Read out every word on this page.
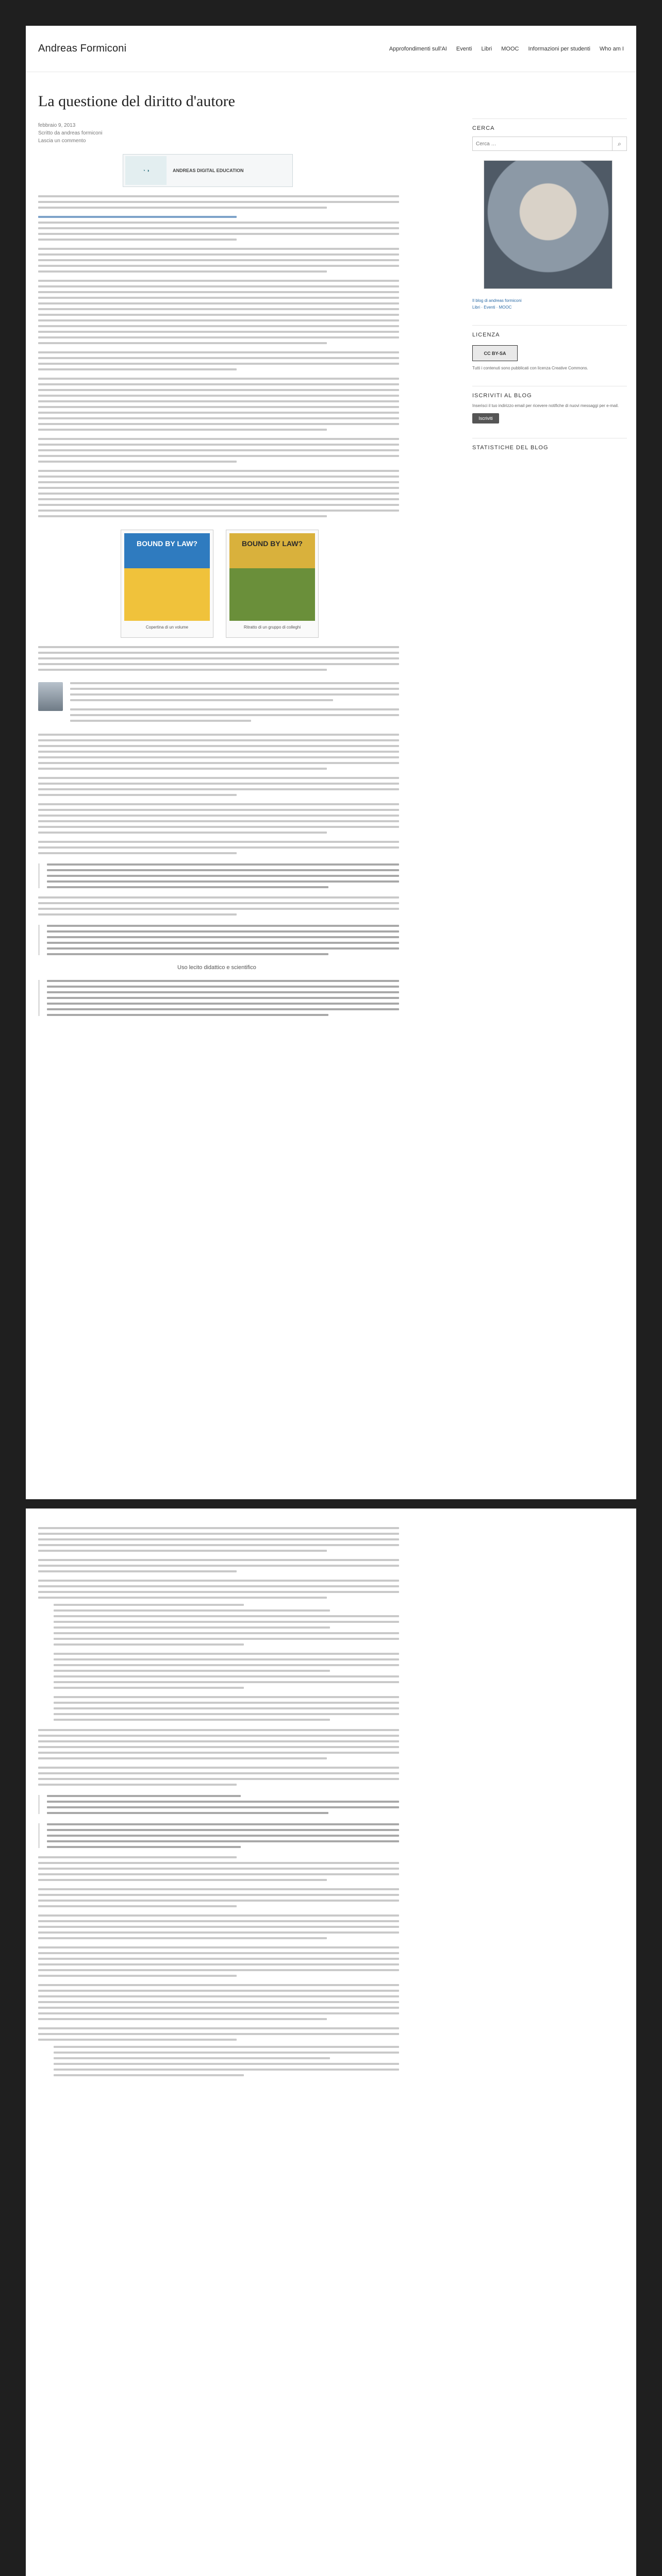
Andreas Formiconi	Approfondimenti sull'AI Eventi Libri MOOC Informazioni per studenti Who am I
La questione del diritto d'autore
febbraio 9, 2013
Scritto da andreas formiconi
Lascia un commento
◔ ◑	ANDREAS DIGITAL EDUCATION
BOUND BY LAW?
Copertina di un volume
BOUND BY LAW?
Ritratto di un gruppo di colleghi
Uso lecito didattico e scientifico
CERCA
Cerca …
⌕
Il blog di andreas formiconi
Libri · Eventi · MOOC
LICENZA
CC BY-SA
Tutti i contenuti sono pubblicati con licenza Creative Commons.
ISCRIVITI AL BLOG
Inserisci il tuo indirizzo email per ricevere notifiche di nuovi messaggi per e-mail.
Iscriviti
STATISTICHE DEL BLOG
